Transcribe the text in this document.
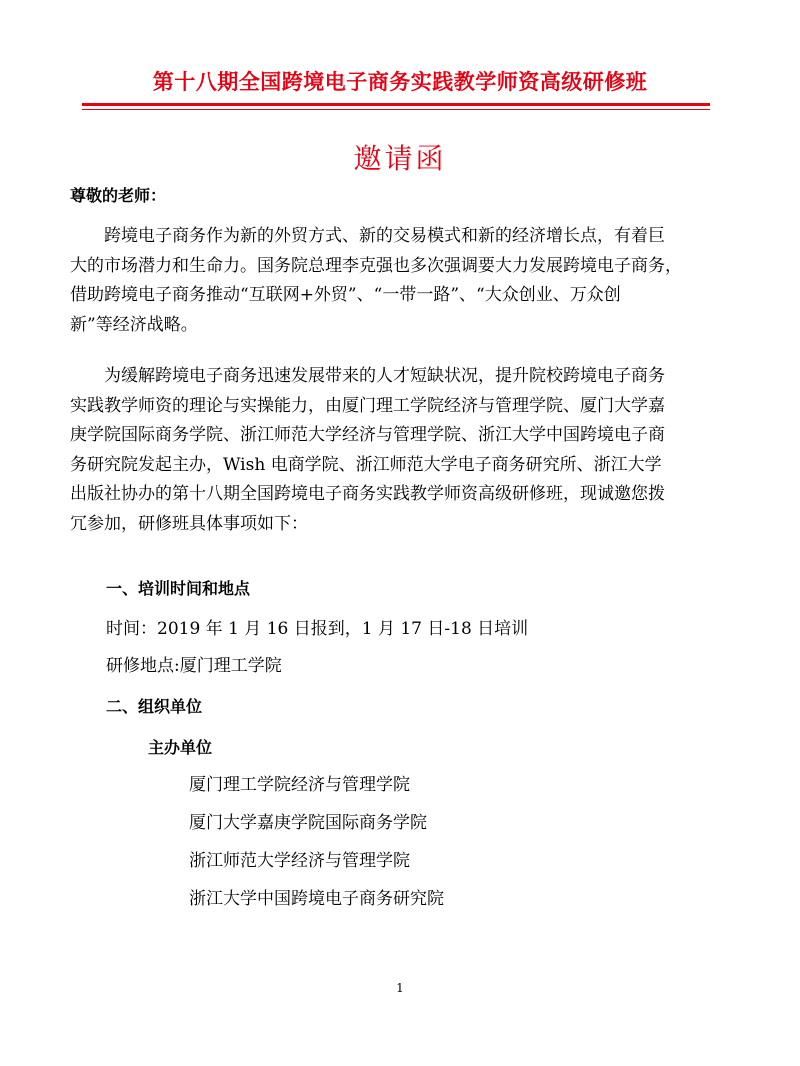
第十八期全国跨境电子商务实践教学师资高级研修班
邀请函
尊敬的老师：
　　跨境电子商务作为新的外贸方式、新的交易模式和新的经济增长点，有着巨
大的市场潜力和生命力。国务院总理李克强也多次强调要大力发展跨境电子商务，
借助跨境电子商务推动“互联网+外贸”、“一带一路”、“大众创业、万众创
新”等经济战略。
　　为缓解跨境电子商务迅速发展带来的人才短缺状况，提升院校跨境电子商务
实践教学师资的理论与实操能力，由厦门理工学院经济与管理学院、厦门大学嘉
庚学院国际商务学院、浙江师范大学经济与管理学院、浙江大学中国跨境电子商
务研究院发起主办，Wish 电商学院、浙江师范大学电子商务研究所、浙江大学
出版社协办的第十八期全国跨境电子商务实践教学师资高级研修班，现诚邀您拨
冗参加，研修班具体事项如下：
一、培训时间和地点
时间：2019 年 1 月 16 日报到，1 月 17 日-18 日培训
研修地点:厦门理工学院
二、组织单位
主办单位
厦门理工学院经济与管理学院
厦门大学嘉庚学院国际商务学院
浙江师范大学经济与管理学院
浙江大学中国跨境电子商务研究院
1
